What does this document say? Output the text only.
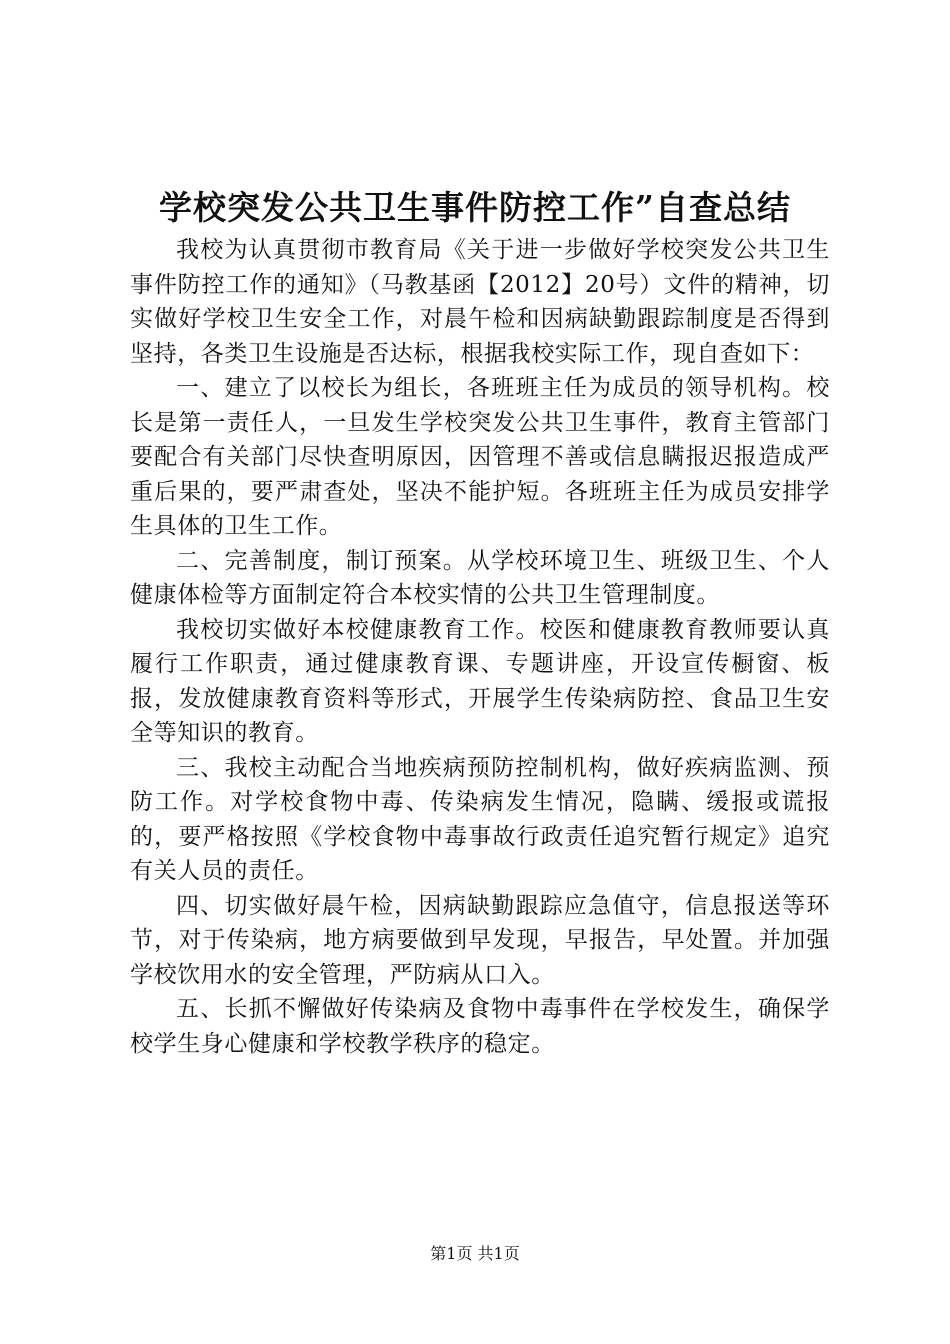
学校突发公共卫生事件防控工作”自查总结

我校为认真贯彻市教育局《关于进一步做好学校突发公共卫生事件防控工作的通知》（马教基函【2012】20号）文件的精神，切实做好学校卫生安全工作，对晨午检和因病缺勤跟踪制度是否得到坚持，各类卫生设施是否达标，根据我校实际工作，现自查如下：

一、建立了以校长为组长，各班班主任为成员的领导机构。校长是第一责任人，一旦发生学校突发公共卫生事件，教育主管部门要配合有关部门尽快查明原因，因管理不善或信息瞒报迟报造成严重后果的，要严肃查处，坚决不能护短。各班班主任为成员安排学生具体的卫生工作。

二、完善制度，制订预案。从学校环境卫生、班级卫生、个人健康体检等方面制定符合本校实情的公共卫生管理制度。

我校切实做好本校健康教育工作。校医和健康教育教师要认真履行工作职责，通过健康教育课、专题讲座，开设宣传橱窗、板报，发放健康教育资料等形式，开展学生传染病防控、食品卫生安全等知识的教育。

三、我校主动配合当地疾病预防控制机构，做好疾病监测、预防工作。对学校食物中毒、传染病发生情况，隐瞒、缓报或谎报的，要严格按照《学校食物中毒事故行政责任追究暂行规定》追究有关人员的责任。

四、切实做好晨午检，因病缺勤跟踪应急值守，信息报送等环节，对于传染病，地方病要做到早发现，早报告，早处置。并加强学校饮用水的安全管理，严防病从口入。

五、长抓不懈做好传染病及食物中毒事件在学校发生，确保学校学生身心健康和学校教学秩序的稳定。

第1页 共1页
